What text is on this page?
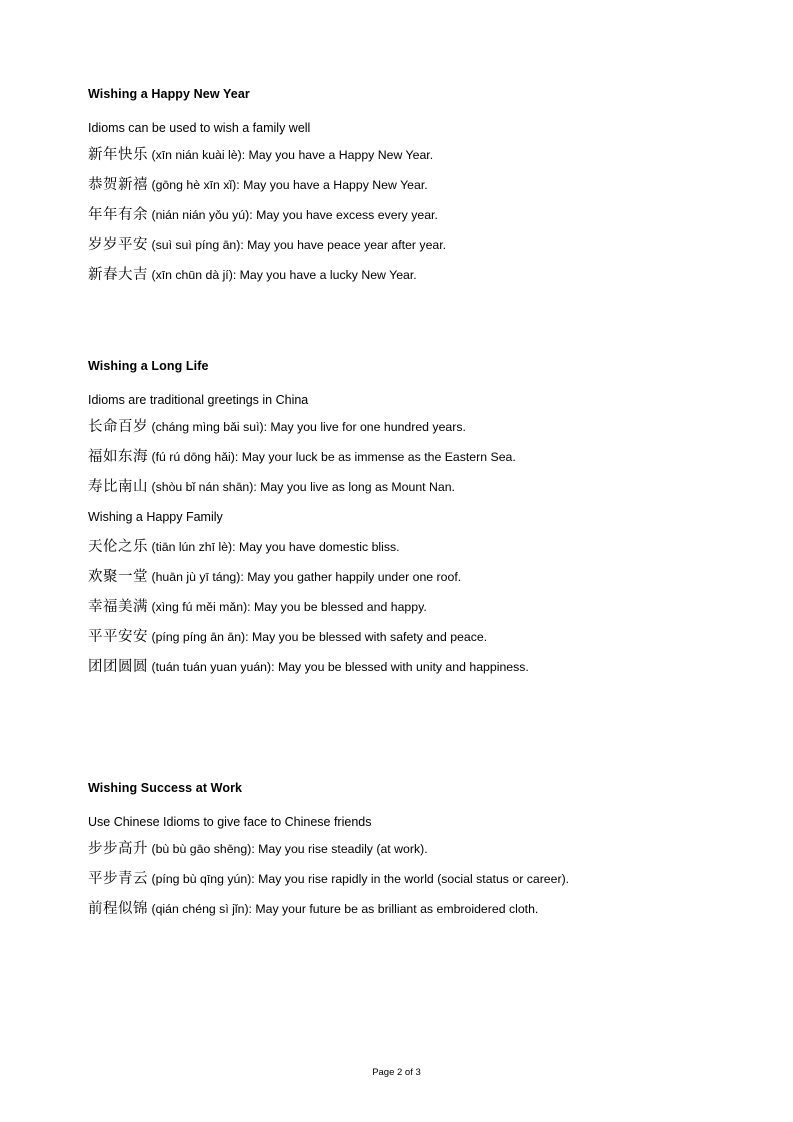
Wishing a Happy New Year
Idioms can be used to wish a family well
新年快乐 (xīn nián kuài lè): May you have a Happy New Year.
恭贺新禧 (gōng hè xīn xǐ): May you have a Happy New Year.
年年有余 (nián nián yǒu yú): May you have excess every year.
岁岁平安 (suì suì píng ān): May you have peace year after year.
新春大吉 (xīn chūn dà jí): May you have a lucky New Year.
Wishing a Long Life
Idioms are traditional greetings in China
长命百岁 (cháng mìng bǎi suì): May you live for one hundred years.
福如东海 (fú rú dōng hǎi): May your luck be as immense as the Eastern Sea.
寿比南山 (shòu bǐ nán shān): May you live as long as Mount Nan.
Wishing a Happy Family
天伦之乐 (tiān lún zhī lè): May you have domestic bliss.
欢聚一堂 (huān jù yī táng): May you gather happily under one roof.
幸福美满 (xìng fú měi mǎn): May you be blessed and happy.
平平安安 (píng píng ān ān): May you be blessed with safety and peace.
团团圆圆 (tuán tuán yuan yuán): May you be blessed with unity and happiness.
Wishing Success at Work
Use Chinese Idioms to give face to Chinese friends
步步高升 (bù bù gāo shēng): May you rise steadily (at work).
平步青云 (píng bù qīng yún): May you rise rapidly in the world (social status or career).
前程似锦 (qián chéng sì jǐn): May your future be as brilliant as embroidered cloth.
Page 2 of 3
